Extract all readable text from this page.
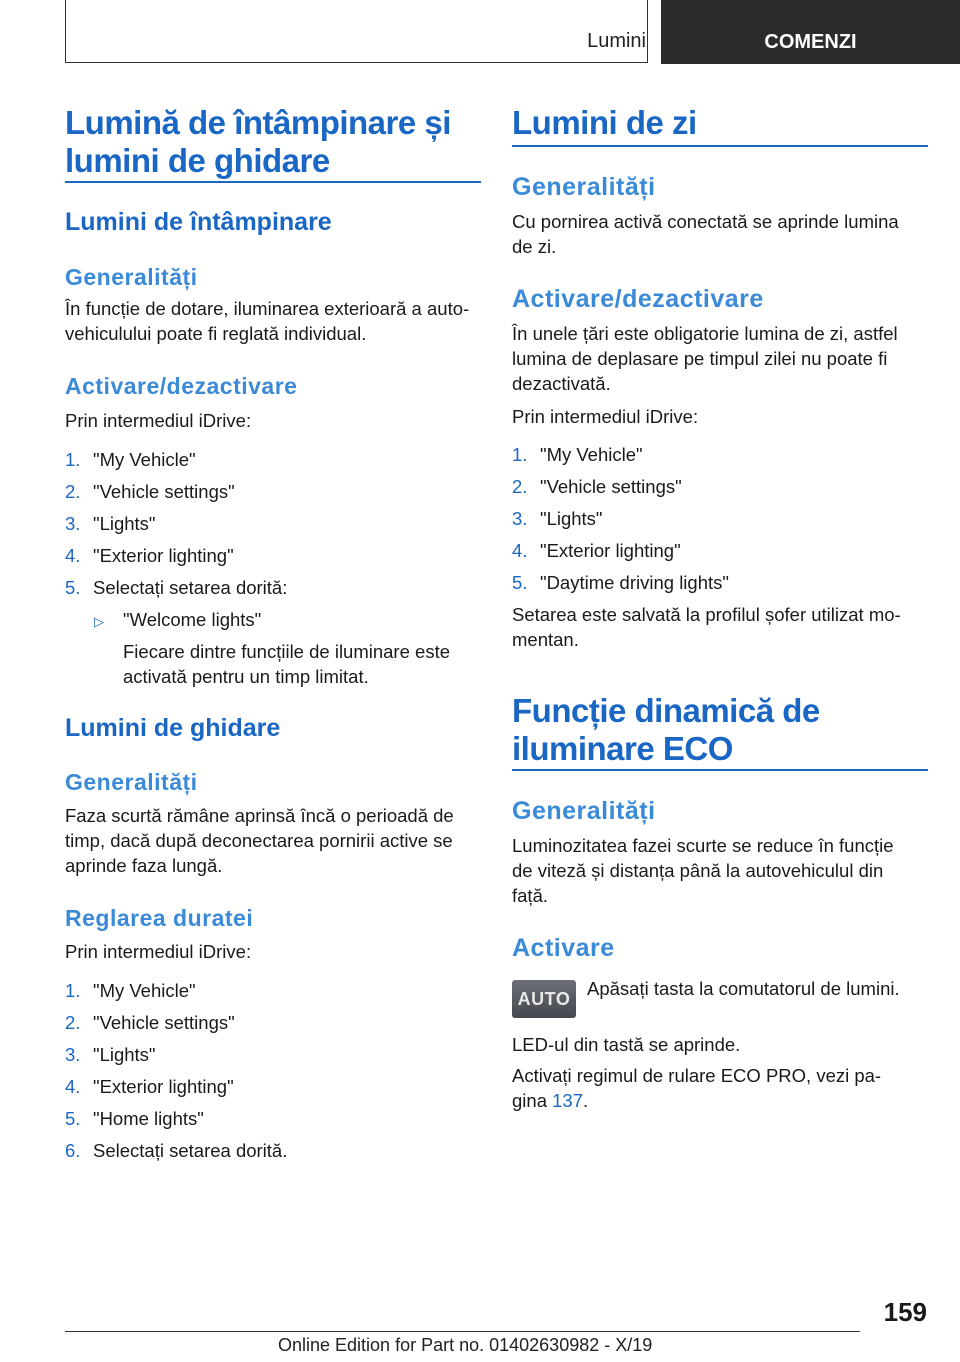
Lumini	COMENZI
Lumină de întâmpinare și
lumini de ghidare
Lumini de întâmpinare
Generalități
În funcție de dotare, iluminarea exterioară a auto-
vehiculului poate fi reglată individual.
Activare/dezactivare
Prin intermediul iDrive:
1. "My Vehicle"
2. "Vehicle settings"
3. "Lights"
4. "Exterior lighting"
5. Selectați setarea dorită:
▷ "Welcome lights"
Fiecare dintre funcțiile de iluminare este
activată pentru un timp limitat.
Lumini de ghidare
Generalități
Faza scurtă rămâne aprinsă încă o perioadă de
timp, dacă după deconectarea pornirii active se
aprinde faza lungă.
Reglarea duratei
Prin intermediul iDrive:
1. "My Vehicle"
2. "Vehicle settings"
3. "Lights"
4. "Exterior lighting"
5. "Home lights"
6. Selectați setarea dorită.
Lumini de zi
Generalități
Cu pornirea activă conectată se aprinde lumina
de zi.
Activare/dezactivare
În unele țări este obligatorie lumina de zi, astfel
lumina de deplasare pe timpul zilei nu poate fi
dezactivată.
Prin intermediul iDrive:
1. "My Vehicle"
2. "Vehicle settings"
3. "Lights"
4. "Exterior lighting"
5. "Daytime driving lights"
Setarea este salvată la profilul șofer utilizat mo-
mentan.
Funcție dinamică de
iluminare ECO
Generalități
Luminozitatea fazei scurte se reduce în funcție
de viteză și distanța până la autovehiculul din
față.
Activare
AUTO Apăsați tasta la comutatorul de lumini.
LED-ul din tastă se aprinde.
Activați regimul de rulare ECO PRO, vezi pa-
gina 137.
159
Online Edition for Part no. 01402630982 - X/19
